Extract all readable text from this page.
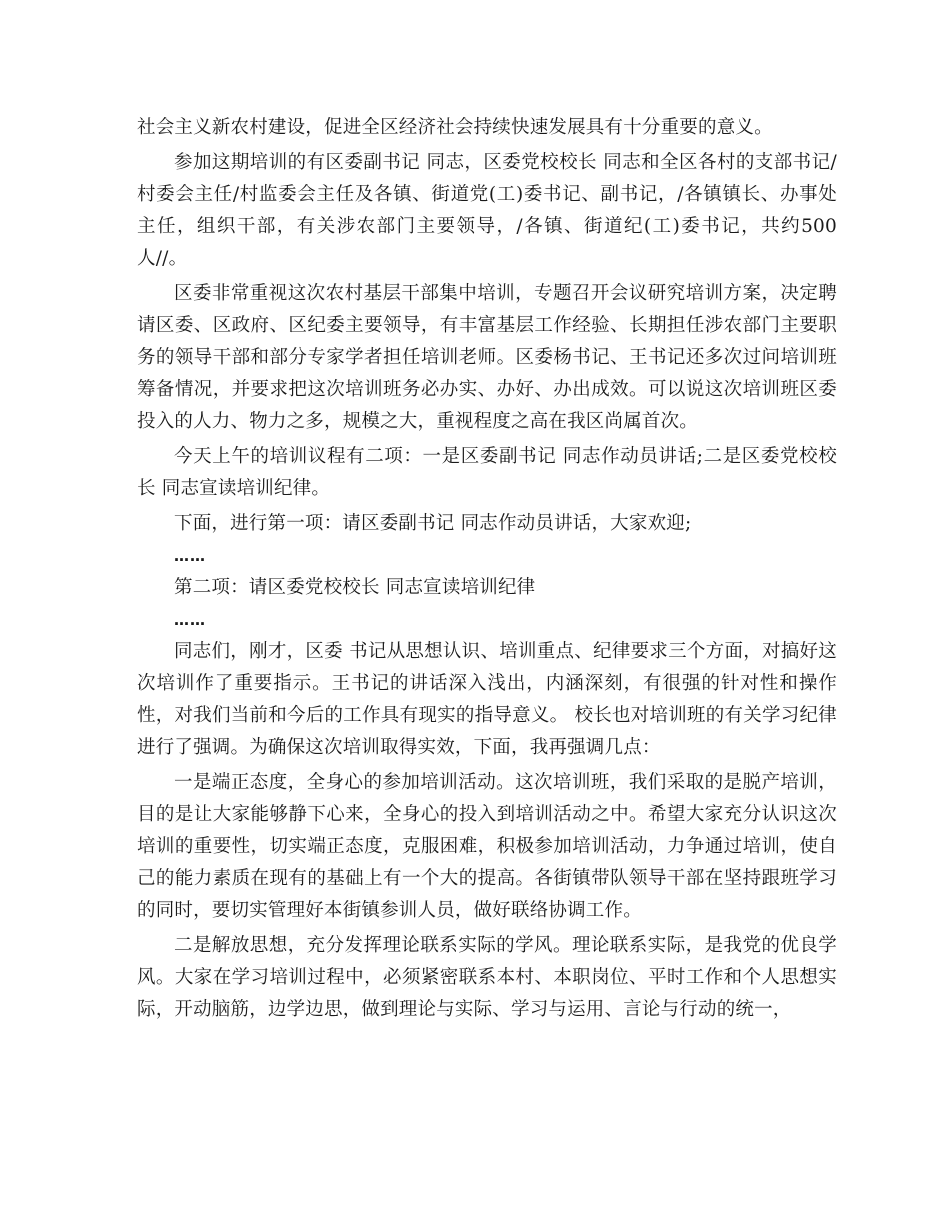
社会主义新农村建设，促进全区经济社会持续快速发展具有十分重要的意义。

参加这期培训的有区委副书记 同志，区委党校校长 同志和全区各村的支部书记/村委会主任/村监委会主任及各镇、街道党(工)委书记、副书记，/各镇镇长、办事处主任，组织干部，有关涉农部门主要领导，/各镇、街道纪(工)委书记，共约500人//。

区委非常重视这次农村基层干部集中培训，专题召开会议研究培训方案，决定聘请区委、区政府、区纪委主要领导，有丰富基层工作经验、长期担任涉农部门主要职务的领导干部和部分专家学者担任培训老师。区委杨书记、王书记还多次过问培训班筹备情况，并要求把这次培训班务必办实、办好、办出成效。可以说这次培训班区委投入的人力、物力之多，规模之大，重视程度之高在我区尚属首次。

今天上午的培训议程有二项：一是区委副书记 同志作动员讲话;二是区委党校校长 同志宣读培训纪律。

下面，进行第一项：请区委副书记 同志作动员讲话，大家欢迎;

……

第二项：请区委党校校长 同志宣读培训纪律

……

同志们，刚才，区委 书记从思想认识、培训重点、纪律要求三个方面，对搞好这次培训作了重要指示。王书记的讲话深入浅出，内涵深刻，有很强的针对性和操作性，对我们当前和今后的工作具有现实的指导意义。 校长也对培训班的有关学习纪律进行了强调。为确保这次培训取得实效，下面，我再强调几点：

一是端正态度，全身心的参加培训活动。这次培训班，我们采取的是脱产培训，目的是让大家能够静下心来，全身心的投入到培训活动之中。希望大家充分认识这次培训的重要性，切实端正态度，克服困难，积极参加培训活动，力争通过培训，使自己的能力素质在现有的基础上有一个大的提高。各街镇带队领导干部在坚持跟班学习的同时，要切实管理好本街镇参训人员，做好联络协调工作。

二是解放思想，充分发挥理论联系实际的学风。理论联系实际，是我党的优良学风。大家在学习培训过程中，必须紧密联系本村、本职岗位、平时工作和个人思想实际，开动脑筋，边学边思，做到理论与实际、学习与运用、言论与行动的统一，
